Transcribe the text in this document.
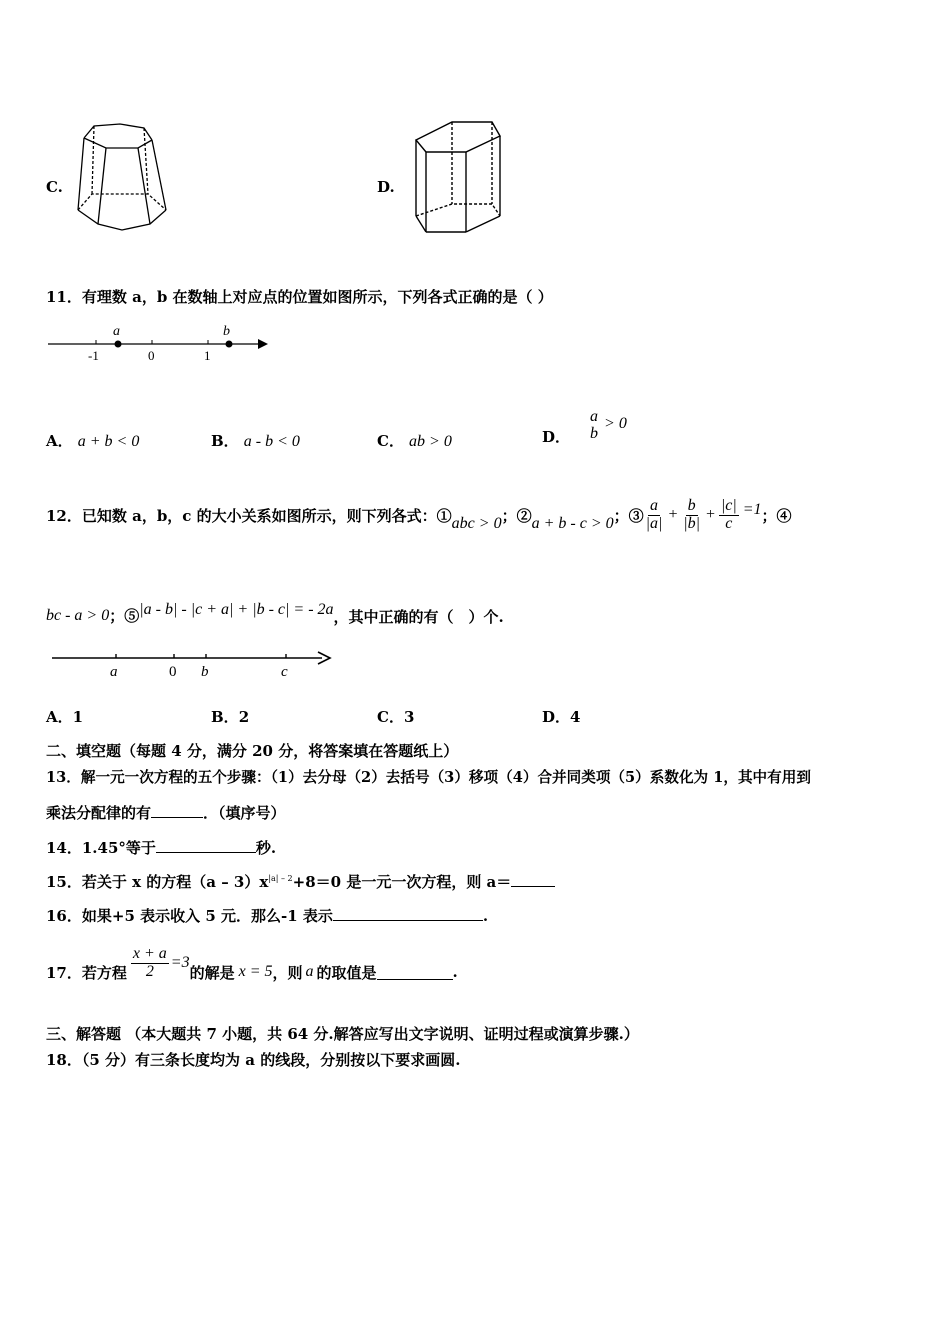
C.	D.
11．有理数 a，b 在数轴上对应点的位置如图所示，下列各式正确的是（ ）
a	b
-1	0	1
A． a + b < 0	B． a - b < 0	C． ab > 0	D．
a
b
> 0
12．已知数 a，b，c 的大小关系如图所示，则下列各式：① abc > 0 ；② a + b - c > 0 ；③ $\frac{a}{|a|} + \frac{b}{|b|} + \frac{|c|}{c} =1$ ；④
bc - a > 0 ；⑤ |a - b| - |c + a| + |b - c| = - 2a ，其中正确的有（　）个.
a	0 b	c
A．1	B．2	C．3	D．4
二、填空题（每题 4 分，满分 20 分，将答案填在答题纸上）
13．解一元一次方程的五个步骤：（1）去分母（2）去括号（3）移项（4）合并同类项（5）系数化为 1，其中有用到
乘法分配律的有	．（填序号）
14．1.45°等于	秒.
15．若关于 x 的方程$(a - 3)x^{|a| - 2}+8=0$ 是一元一次方程，则 a＝
16．如果+5 表示收入 5 元．那么-1 表示	.
17．若方程 $\frac{x + a}{2} =3$
的解是 x = 5 ，则 a 的取值是	.
三、解答题 （本大题共 7 小题，共 64 分.解答应写出文字说明、证明过程或演算步骤.）
18．（5 分）有三条长度均为 a 的线段，分别按以下要求画圆.
